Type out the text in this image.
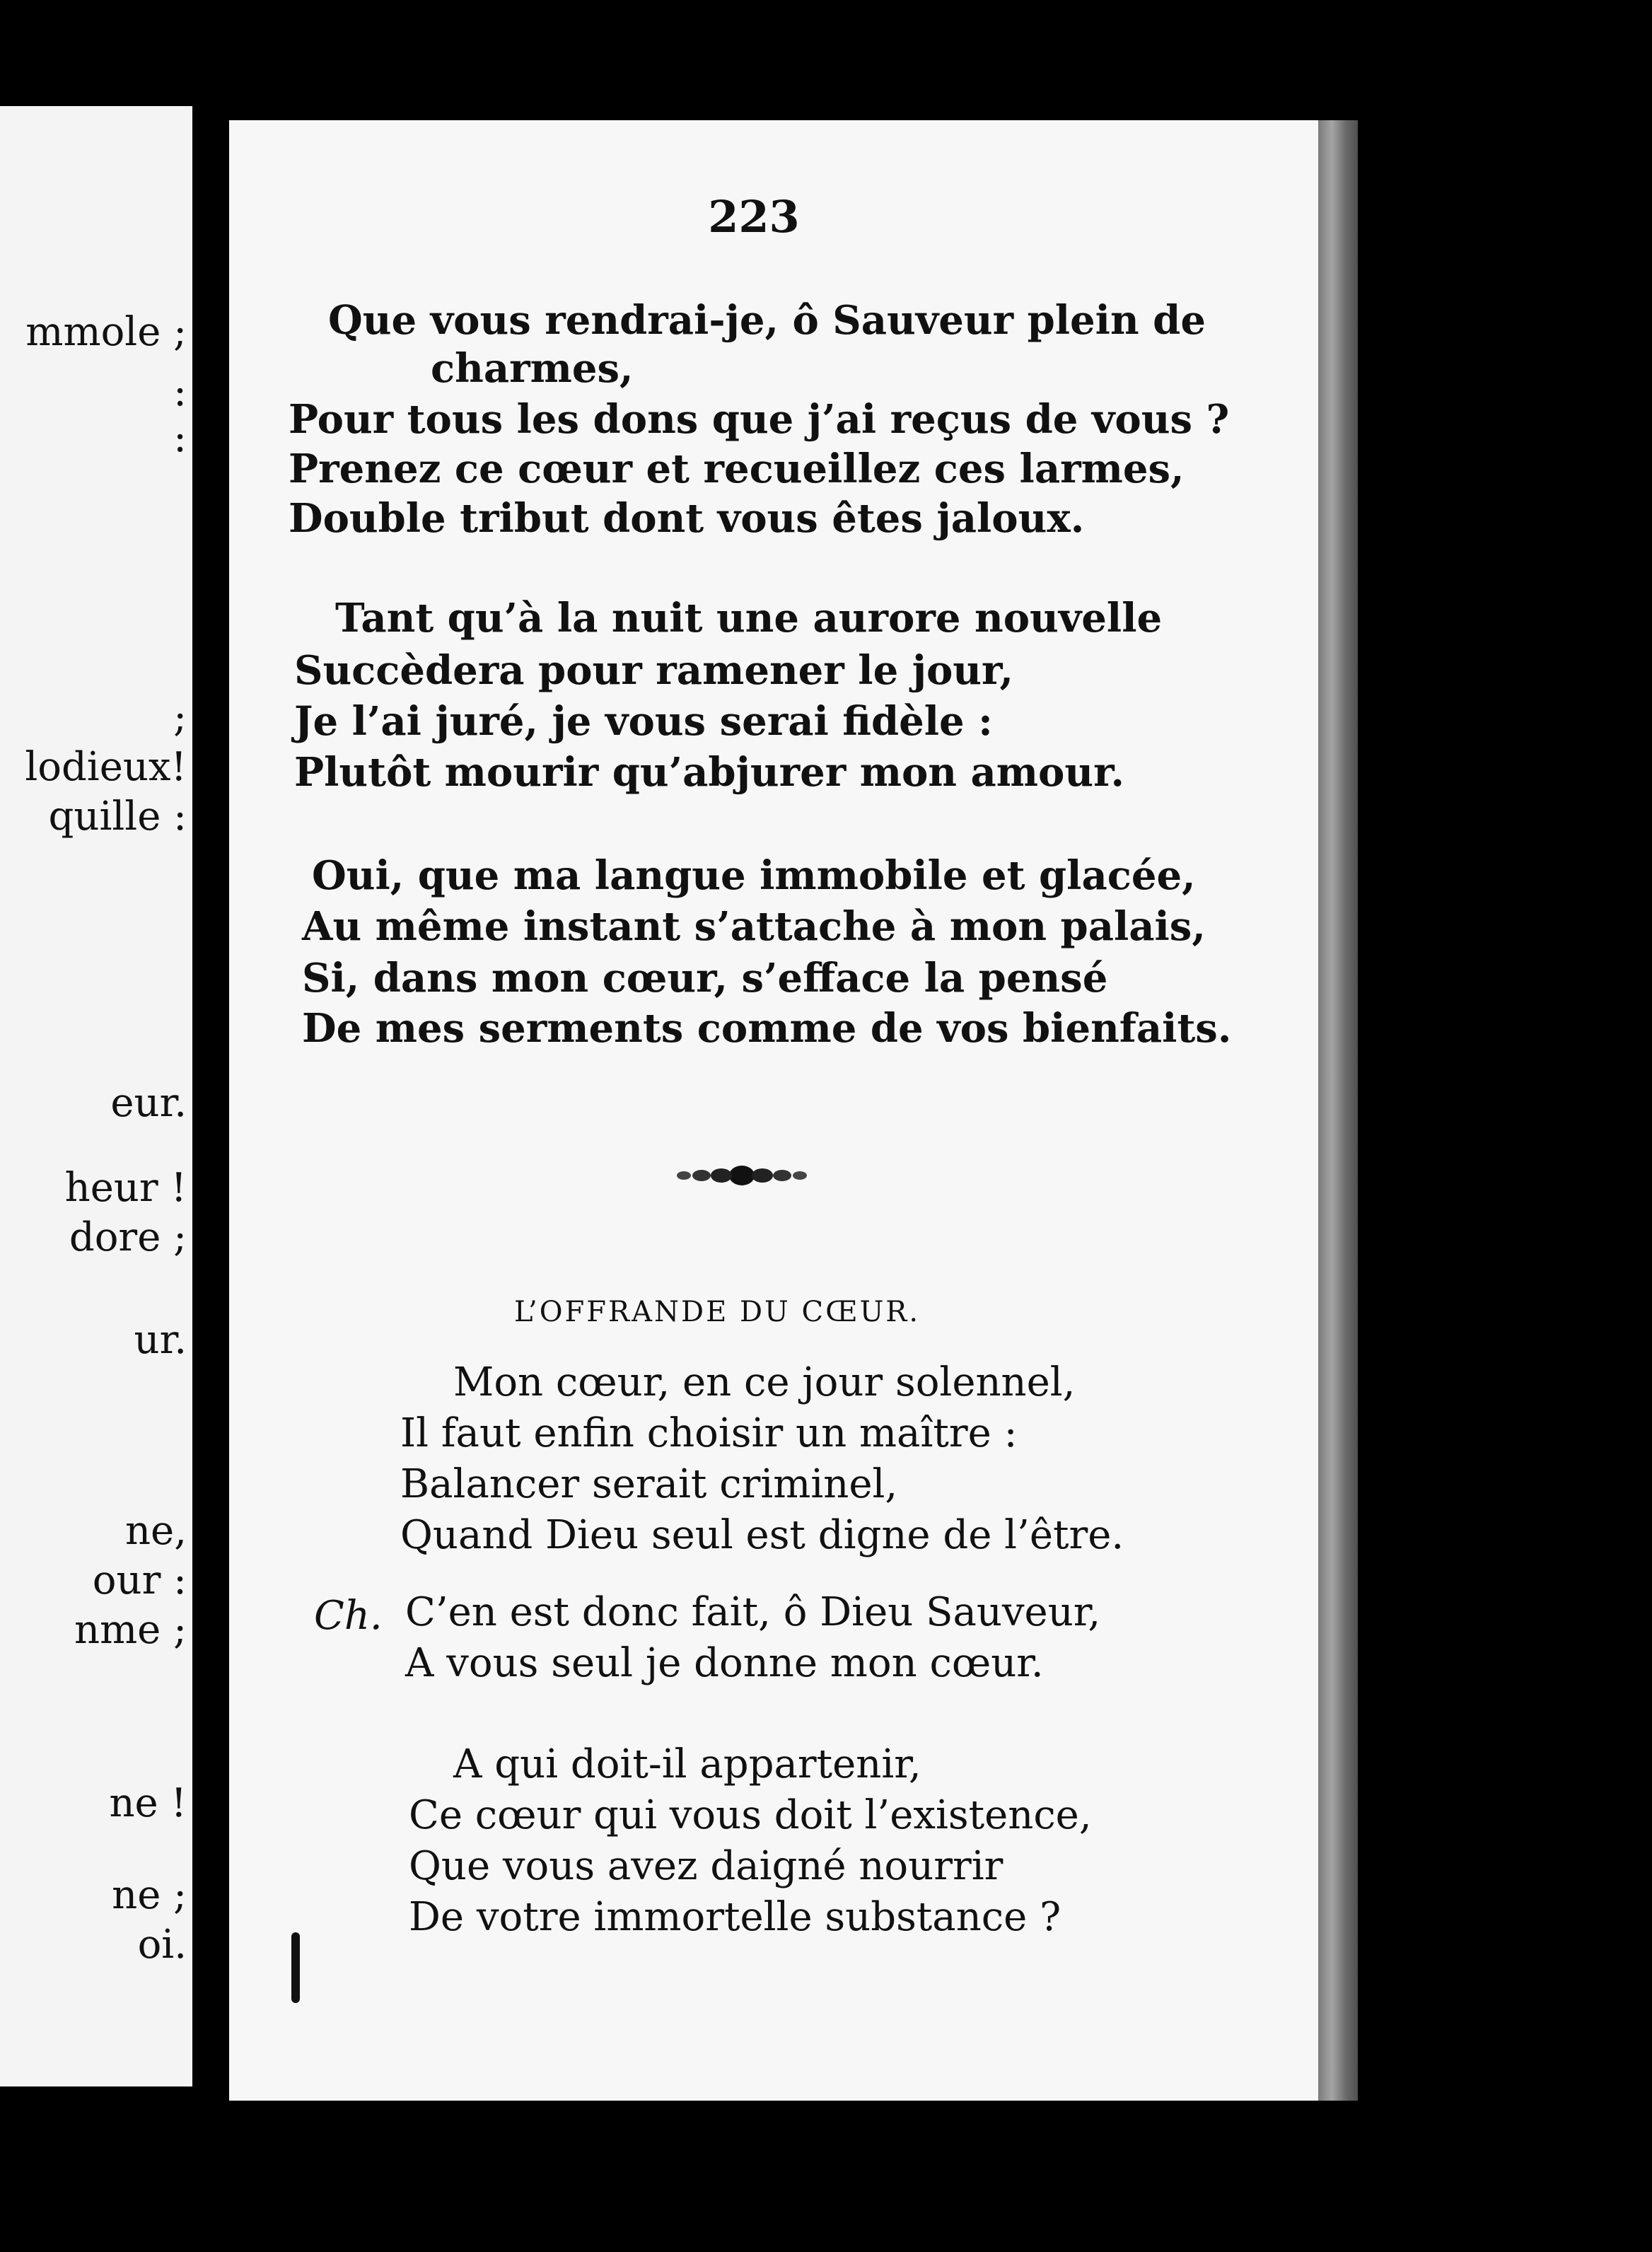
mmole ;
:
:
;
lodieux!
quille :
eur.
heur !
dore ;
ur.
ne,
our :
nme ;
ne !
ne ;
oi.
223
Que vous rendrai-je, ô Sauveur plein de
charmes,
Pour tous les dons que j’ai reçus de vous ?
Prenez ce cœur et recueillez ces larmes,
Double tribut dont vous êtes jaloux.
Tant qu’à la nuit une aurore nouvelle
Succèdera pour ramener le jour,
Je l’ai juré, je vous serai fidèle :
Plutôt mourir qu’abjurer mon amour.
Oui, que ma langue immobile et glacée,
Au même instant s’attache à mon palais,
Si, dans mon cœur, s’efface la pensé
De mes serments comme de vos bienfaits.
L’OFFRANDE DU CŒUR.
Mon cœur, en ce jour solennel,
Il faut enfin choisir un maître :
Balancer serait criminel,
Quand Dieu seul est digne de l’être.
Ch. C’en est donc fait, ô Dieu Sauveur,
A vous seul je donne mon cœur.
A qui doit-il appartenir,
Ce cœur qui vous doit l’existence,
Que vous avez daigné nourrir
De votre immortelle substance ?
